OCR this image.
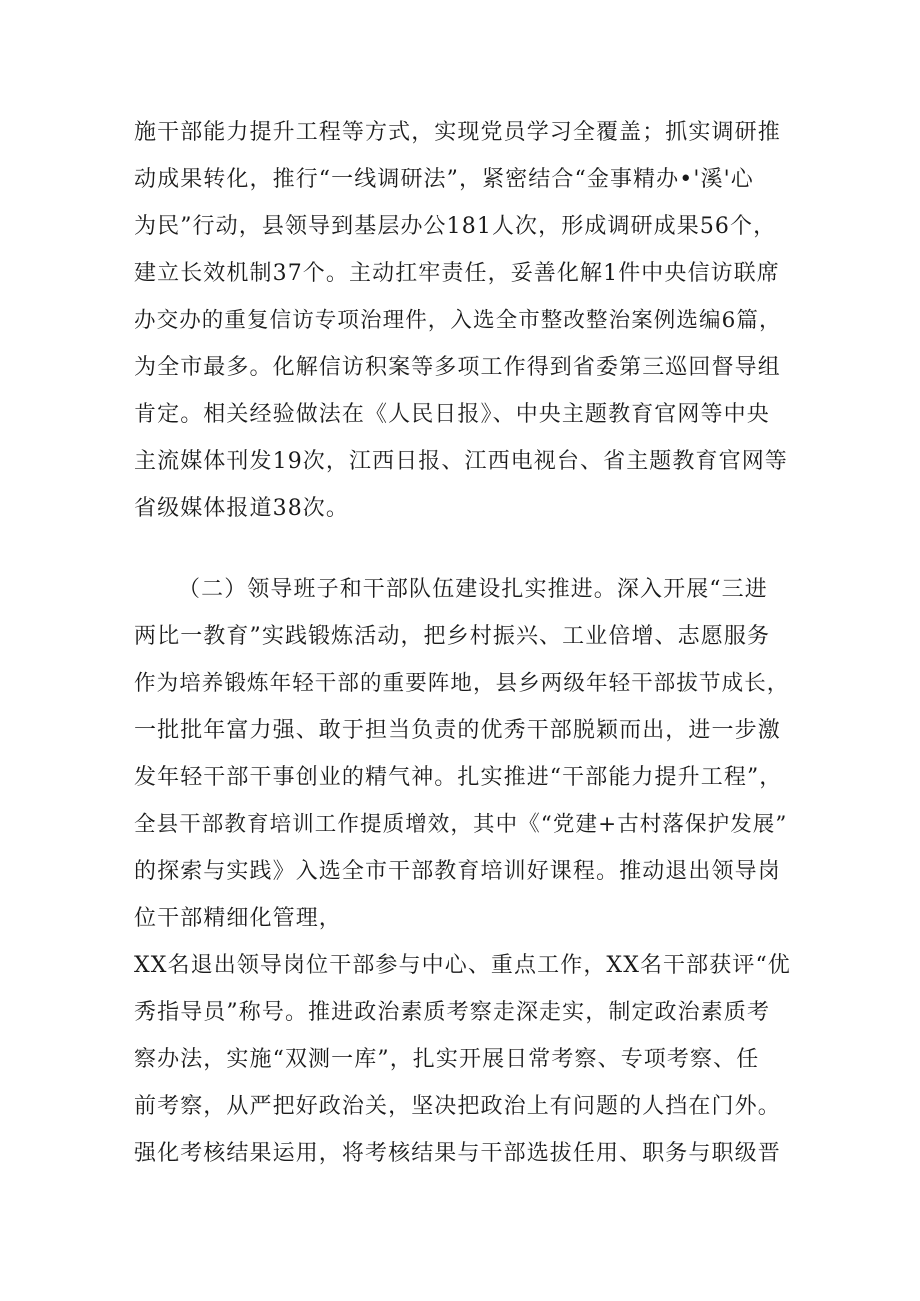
施干部能力提升工程等方式，实现党员学习全覆盖；抓实调研推

动成果转化，推行“一线调研法”，紧密结合“金事精办•'溪'心

为民”行动，县领导到基层办公181人次，形成调研成果56个，

建立长效机制37个。主动扛牢责任，妥善化解1件中央信访联席

办交办的重复信访专项治理件，入选全市整改整治案例选编6篇，

为全市最多。化解信访积案等多项工作得到省委第三巡回督导组

肯定。相关经验做法在《人民日报》、中央主题教育官网等中央

主流媒体刊发19次，江西日报、江西电视台、省主题教育官网等

省级媒体报道38次。

（二）领导班子和干部队伍建设扎实推进。深入开展“三进

两比一教育”实践锻炼活动，把乡村振兴、工业倍增、志愿服务

作为培养锻炼年轻干部的重要阵地，县乡两级年轻干部拔节成长，

一批批年富力强、敢于担当负责的优秀干部脱颖而出，进一步激

发年轻干部干事创业的精气神。扎实推进“干部能力提升工程”，

全县干部教育培训工作提质增效，其中《“党建+古村落保护发展”

的探索与实践》入选全市干部教育培训好课程。推动退出领导岗

位干部精细化管理，

XX名退出领导岗位干部参与中心、重点工作，XX名干部获评“优

秀指导员”称号。推进政治素质考察走深走实，制定政治素质考

察办法，实施“双测一库”，扎实开展日常考察、专项考察、任

前考察，从严把好政治关，坚决把政治上有问题的人挡在门外。

强化考核结果运用，将考核结果与干部选拔任用、职务与职级晋
